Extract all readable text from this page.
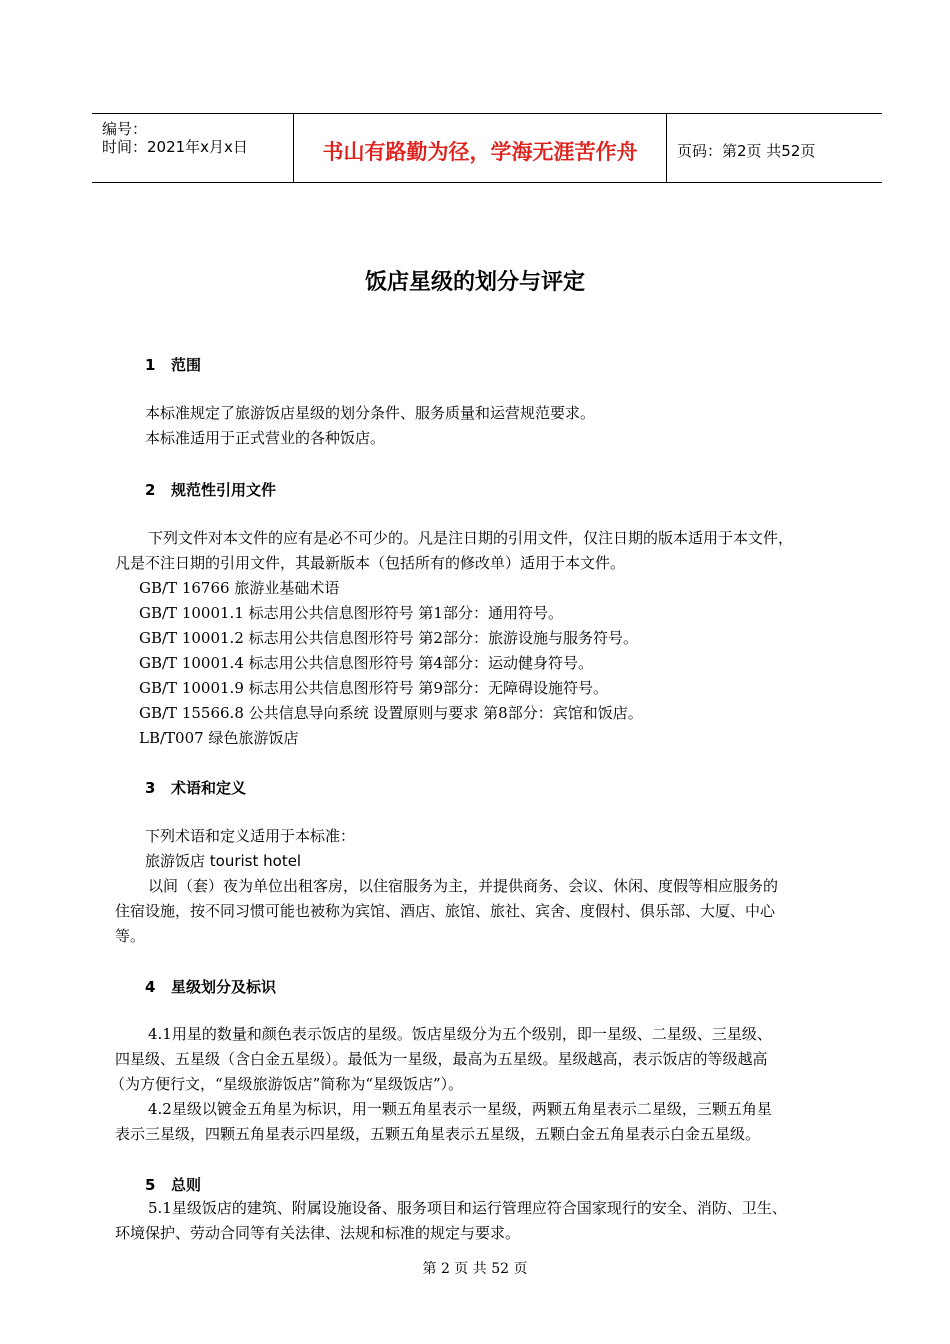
编号：
时间：2021年x月x日	书山有路勤为径，学海无涯苦作舟	页码：第2页 共52页
饭店星级的划分与评定
1 范围
本标准规定了旅游饭店星级的划分条件、服务质量和运营规范要求。
本标准适用于正式营业的各种饭店。
2 规范性引用文件
下列文件对本文件的应有是必不可少的。凡是注日期的引用文件，仅注日期的版本适用于本文件，
凡是不注日期的引用文件，其最新版本（包括所有的修改单）适用于本文件。
GB/T 16766 旅游业基础术语
GB/T 10001.1 标志用公共信息图形符号 第1部分：通用符号。
GB/T 10001.2 标志用公共信息图形符号 第2部分：旅游设施与服务符号。
GB/T 10001.4 标志用公共信息图形符号 第4部分：运动健身符号。
GB/T 10001.9 标志用公共信息图形符号 第9部分：无障碍设施符号。
GB/T 15566.8 公共信息导向系统 设置原则与要求 第8部分：宾馆和饭店。
LB/T007 绿色旅游饭店
3 术语和定义
下列术语和定义适用于本标准：
旅游饭店 tourist hotel
以间（套）夜为单位出租客房，以住宿服务为主，并提供商务、会议、休闲、度假等相应服务的
住宿设施，按不同习惯可能也被称为宾馆、酒店、旅馆、旅社、宾舍、度假村、俱乐部、大厦、中心
等。
4 星级划分及标识
4.1用星的数量和颜色表示饭店的星级。饭店星级分为五个级别，即一星级、二星级、三星级、
四星级、五星级（含白金五星级）。最低为一星级，最高为五星级。星级越高，表示饭店的等级越高
（为方便行文，“星级旅游饭店”简称为“星级饭店”）。
4.2星级以镀金五角星为标识，用一颗五角星表示一星级，两颗五角星表示二星级，三颗五角星
表示三星级，四颗五角星表示四星级，五颗五角星表示五星级，五颗白金五角星表示白金五星级。
5 总则
5.1星级饭店的建筑、附属设施设备、服务项目和运行管理应符合国家现行的安全、消防、卫生、
环境保护、劳动合同等有关法律、法规和标准的规定与要求。
第 2 页 共 52 页
